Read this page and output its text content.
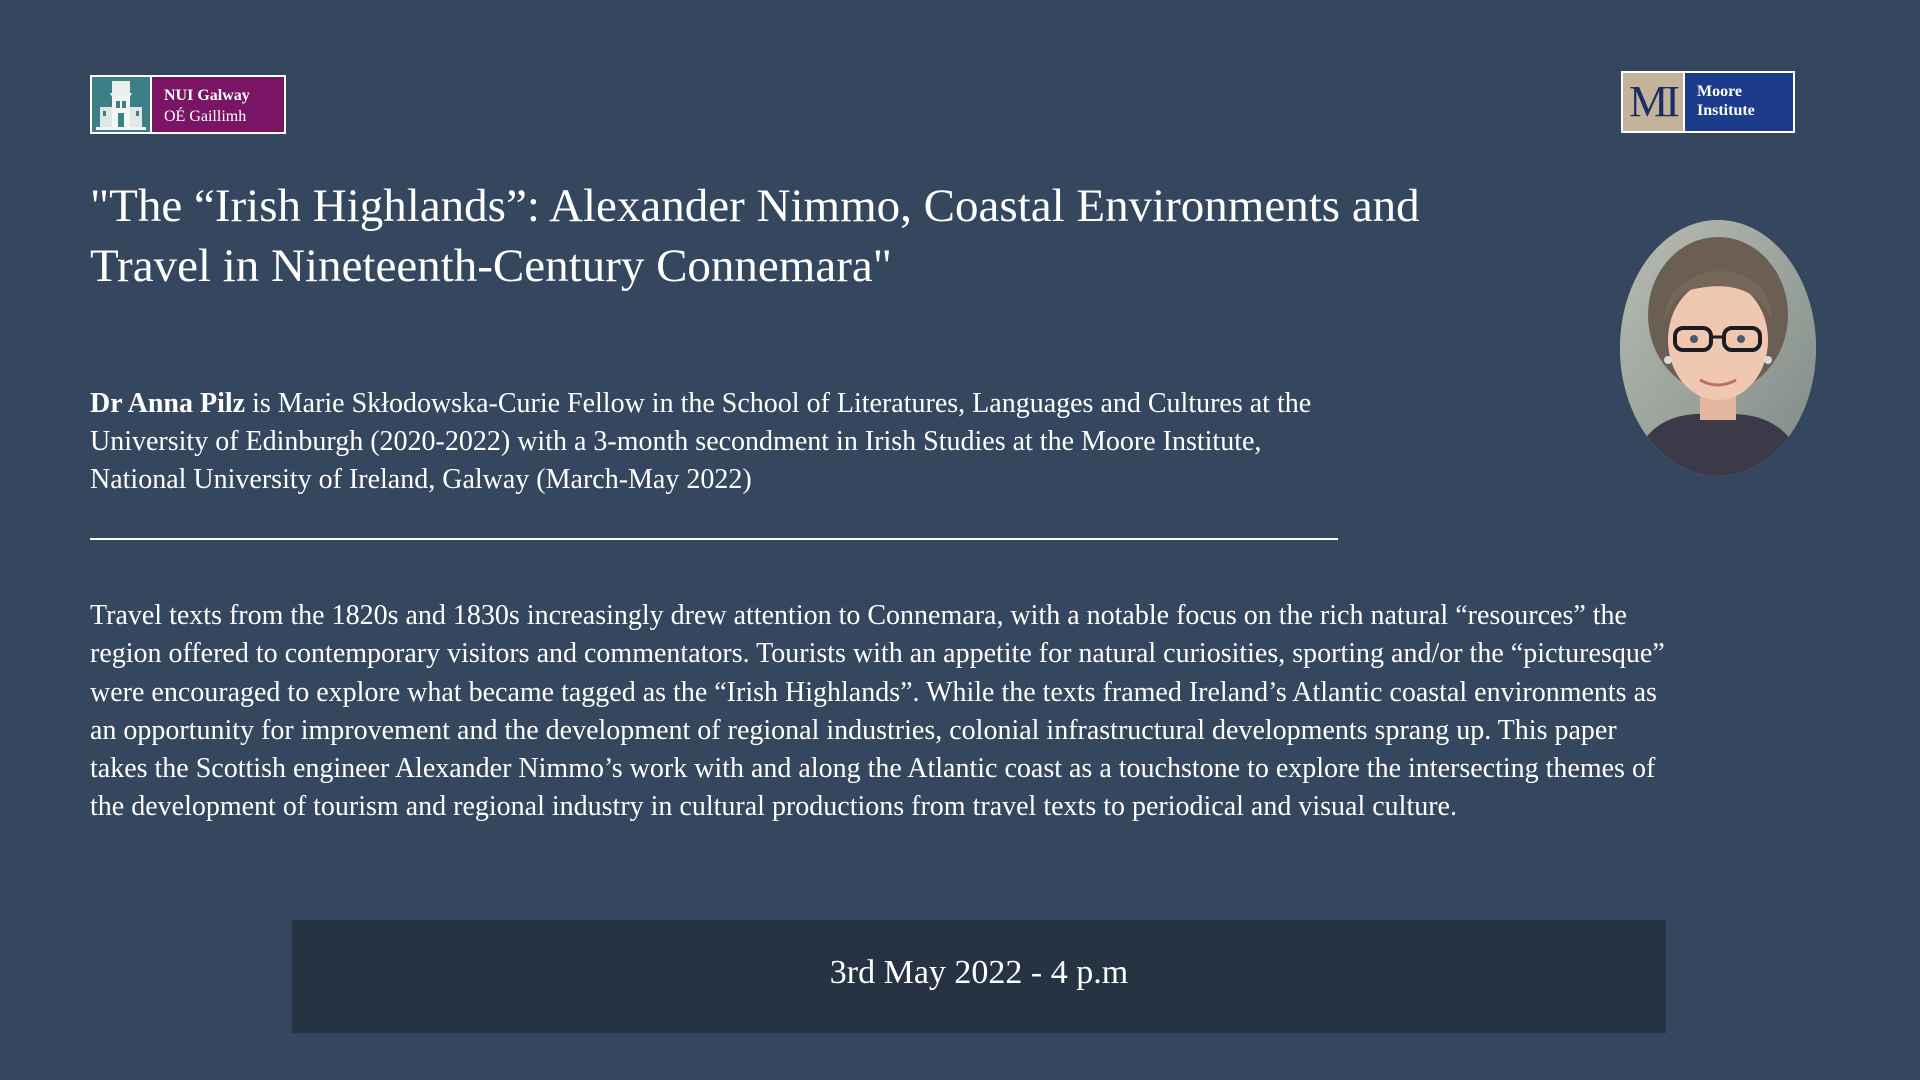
NUI Galway
OÉ Gaillimh	MI	Moore
Institute
"The “Irish Highlands”: Alexander Nimmo, Coastal Environments and Travel in Nineteenth-Century Connemara"

Dr Anna Pilz is Marie Skłodowska-Curie Fellow in the School of Literatures, Languages and Cultures at the University of Edinburgh (2020-2022) with a 3-month secondment in Irish Studies at the Moore Institute, National University of Ireland, Galway (March-May 2022)

Travel texts from the 1820s and 1830s increasingly drew attention to Connemara, with a notable focus on the rich natural “resources” the region offered to contemporary visitors and commentators. Tourists with an appetite for natural curiosities, sporting and/or the “picturesque” were encouraged to explore what became tagged as the “Irish Highlands”. While the texts framed Ireland’s Atlantic coastal environments as an opportunity for improvement and the development of regional industries, colonial infrastructural developments sprang up. This paper takes the Scottish engineer Alexander Nimmo’s work with and along the Atlantic coast as a touchstone to explore the intersecting themes of the development of tourism and regional industry in cultural productions from travel texts to periodical and visual culture.

3rd May 2022 - 4 p.m
